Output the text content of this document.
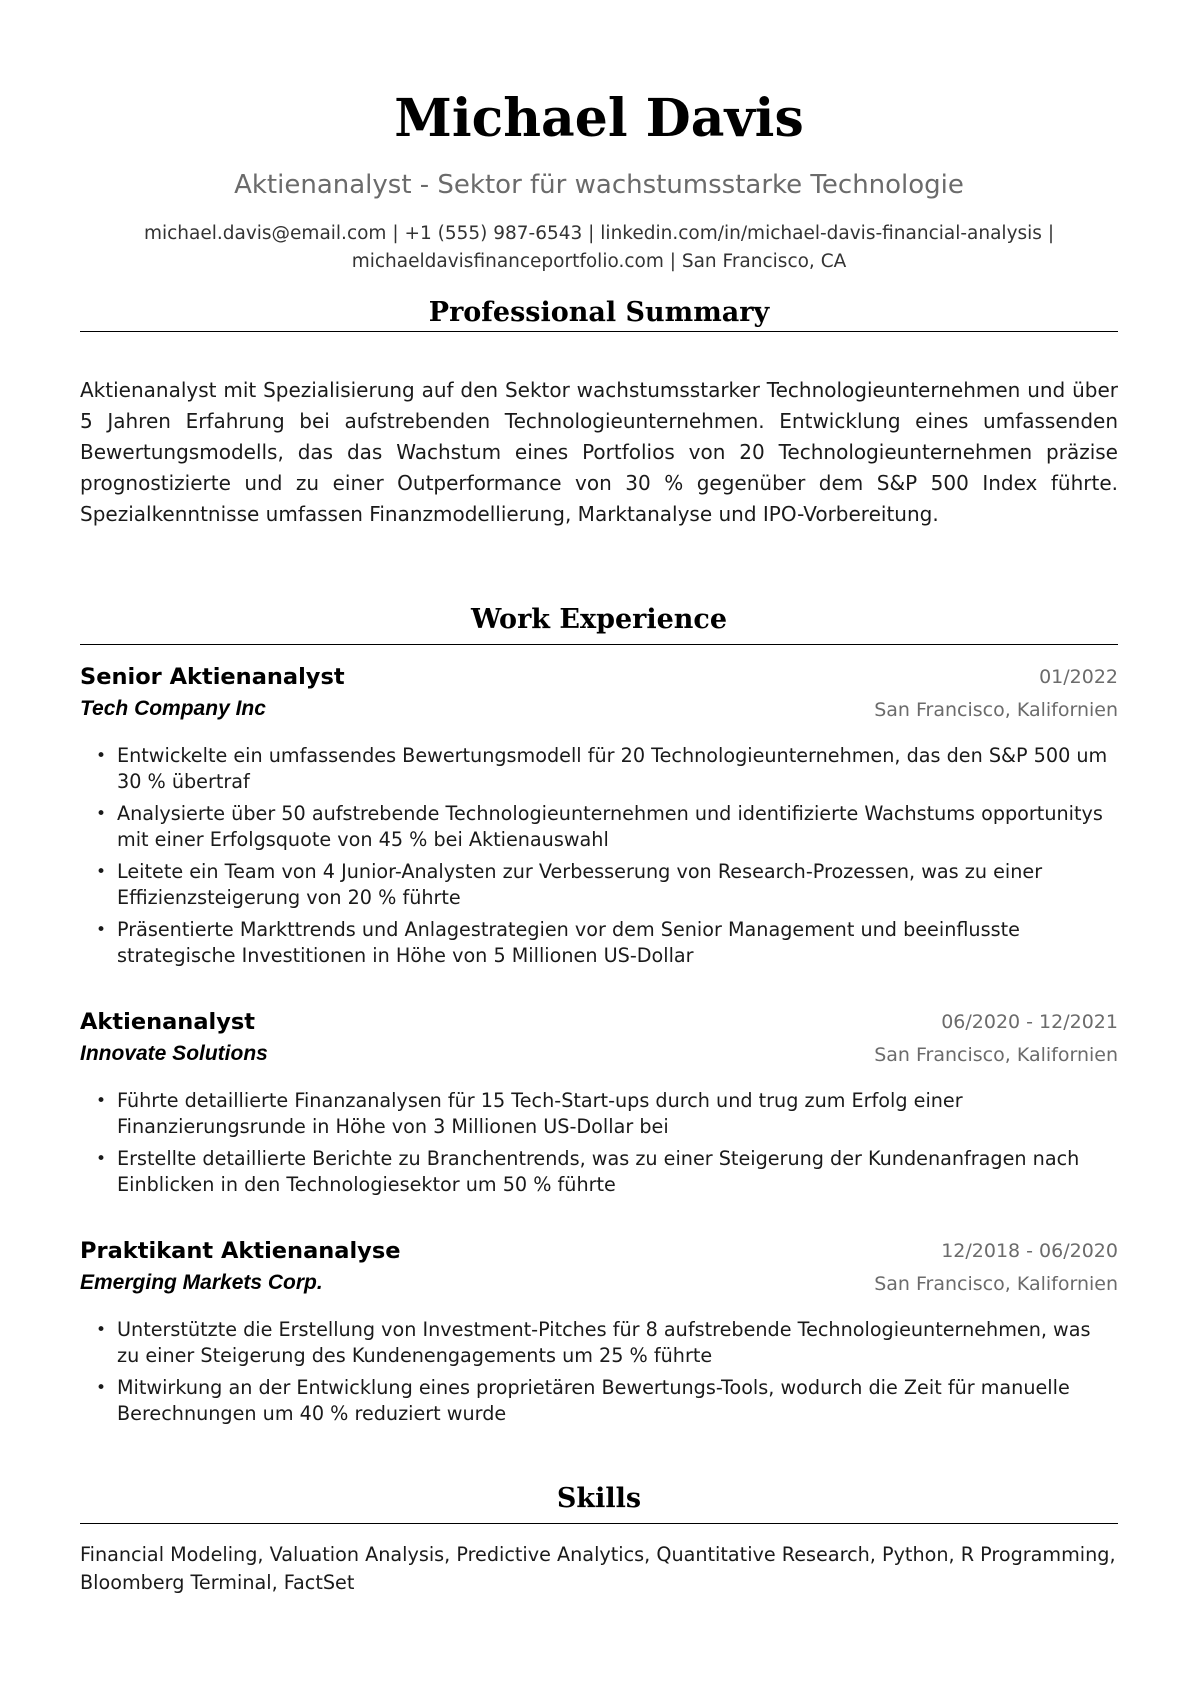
Michael Davis
Aktienanalyst - Sektor für wachstumsstarke Technologie
michael.davis@email.com | +1 (555) 987-6543 | linkedin.com/in/michael-davis-financial-analysis |
michaeldavisfinanceportfolio.com | San Francisco, CA
Professional Summary

Aktienanalyst mit Spezialisierung auf den Sektor wachstumsstarker Technologieunternehmen und über 5 Jahren Erfahrung bei aufstrebenden Technologieunternehmen. Entwicklung eines umfassenden Bewertungsmodells, das das Wachstum eines Portfolios von 20 Technologieunternehmen präzise prognostizierte und zu einer Outperformance von 30 % gegenüber dem S&P 500 Index führte. Spezialkenntnisse umfassen Finanzmodellierung, Marktanalyse und IPO-Vorbereitung.

Work Experience
Senior Aktienanalyst	01/2022
Tech Company Inc	San Francisco, Kalifornien
• Entwickelte ein umfassendes Bewertungsmodell für 20 Technologieunternehmen, das den S&P 500 um 30 % übertraf
• Analysierte über 50 aufstrebende Technologieunternehmen und identifizierte Wachstums opportunitys mit einer Erfolgsquote von 45 % bei Aktienauswahl
• Leitete ein Team von 4 Junior-Analysten zur Verbesserung von Research-Prozessen, was zu einer Effizienzsteigerung von 20 % führte
• Präsentierte Markttrends und Anlagestrategien vor dem Senior Management und beeinflusste strategische Investitionen in Höhe von 5 Millionen US-Dollar
Aktienanalyst	06/2020 - 12/2021
Innovate Solutions	San Francisco, Kalifornien
• Führte detaillierte Finanzanalysen für 15 Tech-Start-ups durch und trug zum Erfolg einer Finanzierungsrunde in Höhe von 3 Millionen US-Dollar bei
• Erstellte detaillierte Berichte zu Branchentrends, was zu einer Steigerung der Kundenanfragen nach Einblicken in den Technologiesektor um 50 % führte
Praktikant Aktienanalyse	12/2018 - 06/2020
Emerging Markets Corp.	San Francisco, Kalifornien
• Unterstützte die Erstellung von Investment-Pitches für 8 aufstrebende Technologieunternehmen, was zu einer Steigerung des Kundenengagements um 25 % führte
• Mitwirkung an der Entwicklung eines proprietären Bewertungs-Tools, wodurch die Zeit für manuelle Berechnungen um 40 % reduziert wurde
Skills

Financial Modeling, Valuation Analysis, Predictive Analytics, Quantitative Research, Python, R Programming, Bloomberg Terminal, FactSet
